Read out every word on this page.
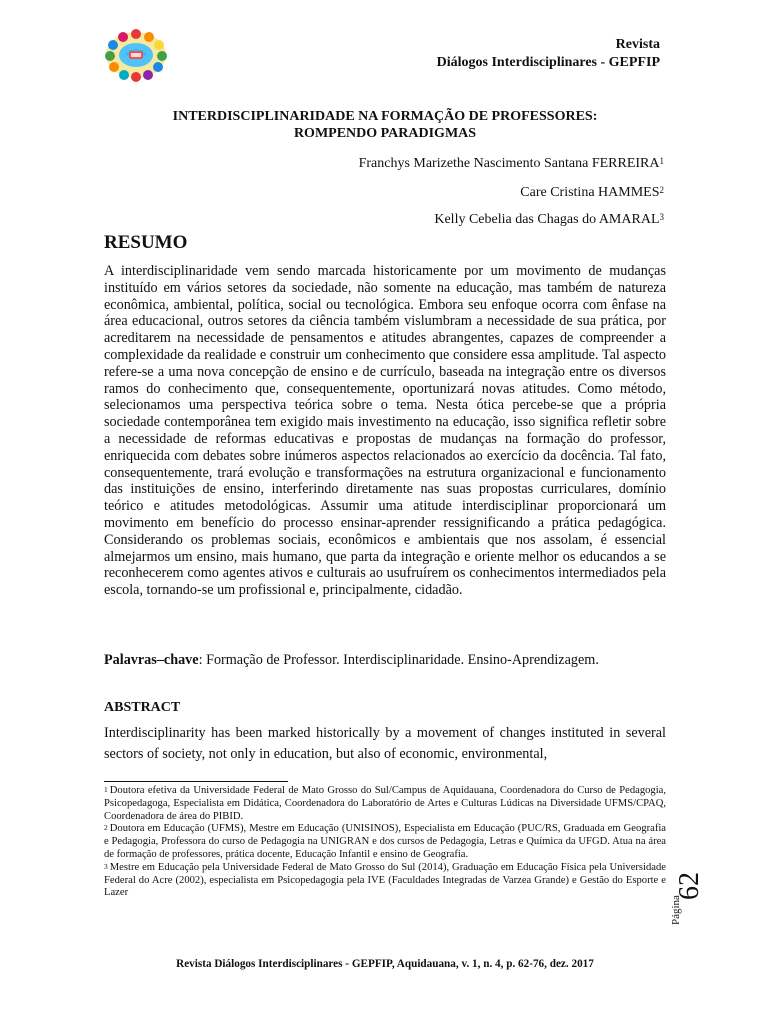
Revista
Diálogos Interdisciplinares - GEPFIP
INTERDISCIPLINARIDADE NA FORMAÇÃO DE PROFESSORES:
ROMPENDO PARADIGMAS
Franchys Marizethe Nascimento Santana FERREIRA$^1$
Care Cristina HAMMES$^2$
Kelly Cebelia das Chagas do AMARAL$^3$
RESUMO

A interdisciplinaridade vem sendo marcada historicamente por um movimento de mudanças instituído em vários setores da sociedade, não somente na educação, mas também de natureza econômica, ambiental, política, social ou tecnológica. Embora seu enfoque ocorra com ênfase na área educacional, outros setores da ciência também vislumbram a necessidade de sua prática, por acreditarem na necessidade de pensamentos e atitudes abrangentes, capazes de compreender a complexidade da realidade e construir um conhecimento que considere essa amplitude. Tal aspecto refere-se a uma nova concepção de ensino e de currículo, baseada na integração entre os diversos ramos do conhecimento que, consequentemente, oportunizará novas atitudes. Como método, selecionamos uma perspectiva teórica sobre o tema. Nesta ótica percebe-se que a própria sociedade contemporânea tem exigido mais investimento na educação, isso significa refletir sobre a necessidade de reformas educativas e propostas de mudanças na formação do professor, enriquecida com debates sobre inúmeros aspectos relacionados ao exercício da docência. Tal fato, consequentemente, trará evolução e transformações na estrutura organizacional e funcionamento das instituições de ensino, interferindo diretamente nas suas propostas curriculares, domínio teórico e atitudes metodológicas. Assumir uma atitude interdisciplinar proporcionará um movimento em benefício do processo ensinar-aprender ressignificando a prática pedagógica. Considerando os problemas sociais, econômicos e ambientais que nos assolam, é essencial almejarmos um ensino, mais humano, que parta da integração e oriente melhor os educandos a se reconhecerem como agentes ativos e culturais ao usufruírem os conhecimentos intermediados pela escola, tornando-se um profissional e, principalmente, cidadão.

Palavras–chave: Formação de Professor. Interdisciplinaridade. Ensino-Aprendizagem.

ABSTRACT

Interdisciplinarity has been marked historically by a movement of changes instituted in several sectors of society, not only in education, but also of economic, environmental,

$^1$ Doutora efetiva da Universidade Federal de Mato Grosso do Sul/Campus de Aquidauana, Coordenadora do Curso de Pedagogia, Psicopedagoga, Especialista em Didática, Coordenadora do Laboratório de Artes e Culturas Lúdicas na Diversidade UFMS/CPAQ, Coordenadora de área do PIBID.

$^2$ Doutora em Educação (UFMS), Mestre em Educação (UNISINOS), Especialista em Educação (PUC/RS, Graduada em Geografia e Pedagogia, Professora do curso de Pedagogia na UNIGRAN e dos cursos de Pedagogia, Letras e Química da UFGD. Atua na área de formação de professores, prática docente, Educação Infantil e ensino de Geografia.

$^3$ Mestre em Educação pela Universidade Federal de Mato Grosso do Sul (2014), Graduação em Educação Física pela Universidade Federal do Acre (2002), especialista em Psicopedagogia pela IVE (Faculdades Integradas de Varzea Grande) e Gestão do Esporte e Lazer

Página
62
Revista Diálogos Interdisciplinares - GEPFIP, Aquidauana, v. 1, n. 4, p. 62-76, dez. 2017
